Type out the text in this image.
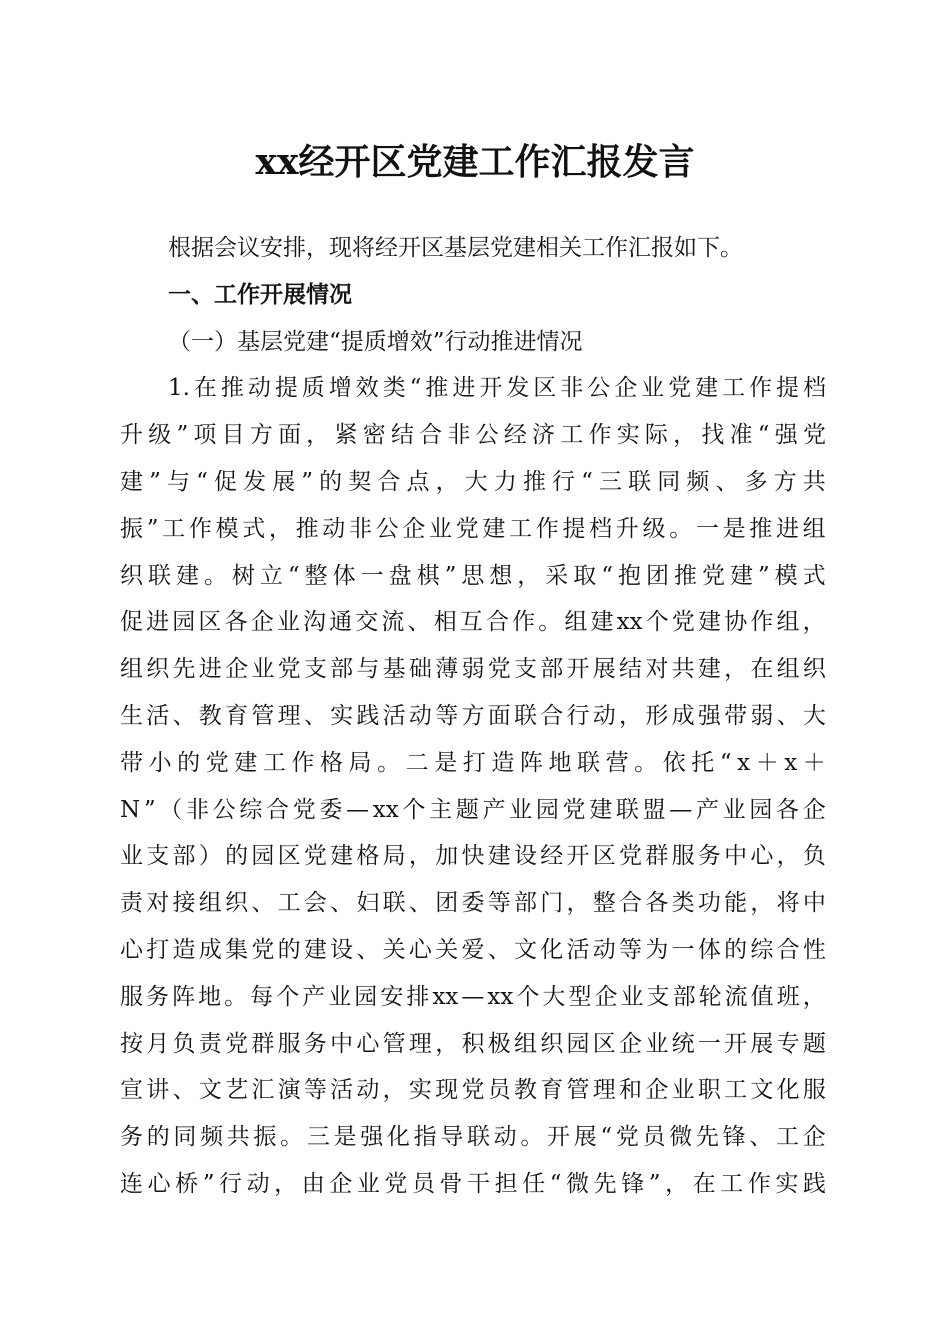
xx经开区党建工作汇报发言
根据会议安排，现将经开区基层党建相关工作汇报如下。
一、工作开展情况
（一）基层党建“提质增效”行动推进情况
1. 在 推 动 提 质 增 效 类 “ 推 进 开 发 区 非 公 企 业 党 建 工 作 提 档
升 级 ” 项 目 方 面 ， 紧 密 结 合 非 公 经 济 工 作 实 际 ， 找 准 “ 强 党
建 ” 与 “ 促 发 展 ” 的 契 合 点 ， 大 力 推 行 “ 三 联 同 频 、 多 方 共
振 ” 工 作 模 式 ， 推 动 非 公 企 业 党 建 工 作 提 档 升 级 。 一 是 推 进 组
织 联 建 。 树 立 “ 整 体 一 盘 棋 ” 思 想 ， 采 取 “ 抱 团 推 党 建 ” 模 式
促 进 园 区 各 企 业 沟 通 交 流 、 相 互 合 作 。 组 建 xx 个 党 建 协 作 组 ，
组 织 先 进 企 业 党 支 部 与 基 础 薄 弱 党 支 部 开 展 结 对 共 建 ， 在 组 织
生 活 、 教 育 管 理 、 实 践 活 动 等 方 面 联 合 行 动 ， 形 成 强 带 弱 、 大
带 小 的 党 建 工 作 格 局 。 二 是 打 造 阵 地 联 营 。 依 托 “ x ＋ x ＋
N ” （ 非 公 综 合 党 委 — xx 个 主 题 产 业 园 党 建 联 盟 — 产 业 园 各 企
业 支 部 ） 的 园 区 党 建 格 局 ， 加 快 建 设 经 开 区 党 群 服 务 中 心 ， 负
责 对 接 组 织 、 工 会 、 妇 联 、 团 委 等 部 门 ， 整 合 各 类 功 能 ， 将 中
心 打 造 成 集 党 的 建 设 、 关 心 关 爱 、 文 化 活 动 等 为 一 体 的 综 合 性
服 务 阵 地 。 每 个 产 业 园 安 排 xx — xx 个 大 型 企 业 支 部 轮 流 值 班 ，
按 月 负 责 党 群 服 务 中 心 管 理 ， 积 极 组 织 园 区 企 业 统 一 开 展 专 题
宣 讲 、 文 艺 汇 演 等 活 动 ， 实 现 党 员 教 育 管 理 和 企 业 职 工 文 化 服
务 的 同 频 共 振 。 三 是 强 化 指 导 联 动 。 开 展 “ 党 员 微 先 锋 、 工 企
连 心 桥 ” 行 动 ， 由 企 业 党 员 骨 干 担 任 “ 微 先 锋 ” ， 在 工 作 实 践
